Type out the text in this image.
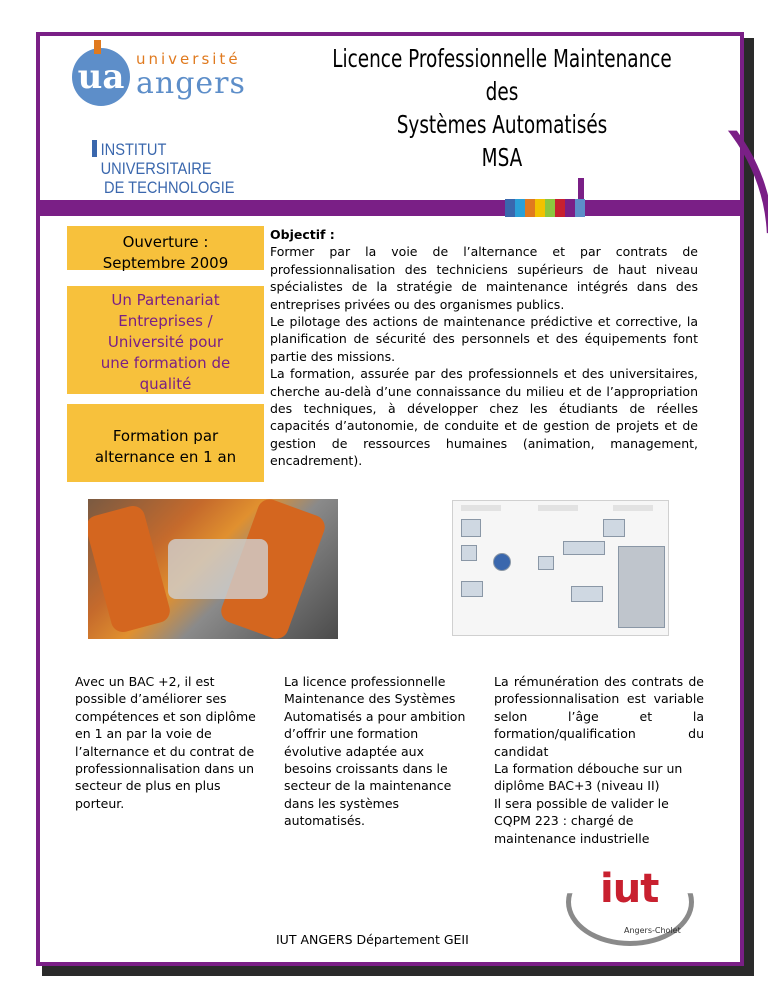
ua université
angers
INSTITUT UNIVERSITAIRE
DE TECHNOLOGIE
Licence Professionnelle Maintenance des
Systèmes Automatisés
MSA
Ouverture :
Septembre 2009
Un Partenariat
Entreprises /
Université pour
une formation de
qualité
Formation par
alternance en 1 an
Objectif :
Former par la voie de l’alternance et par contrats de professionnalisation des techniciens supérieurs de haut niveau spécialistes de la stratégie de maintenance intégrés dans des entreprises privées ou des organismes publics.
Le pilotage des actions de maintenance prédictive et corrective, la planification de sécurité des personnels et des équipements font partie des missions.
La formation, assurée par des professionnels et des universitaires, cherche au-delà d’une connaissance du milieu et de l’appropriation des techniques, à développer chez les étudiants de réelles capacités d’autonomie, de conduite et de gestion de projets et de gestion de ressources humaines (animation, management, encadrement).
Avec un BAC +2, il est possible d’améliorer ses compétences et son diplôme en 1 an par la voie de l’alternance et du contrat de professionnalisation dans un secteur de plus en plus porteur.
La licence professionnelle Maintenance des Systèmes Automatisés a pour ambition d’offrir une formation évolutive adaptée aux besoins croissants dans le secteur de la maintenance dans les systèmes automatisés.

La rémunération des contrats de professionnalisation est variable selon l’âge et la formation/qualification du candidat

La formation débouche sur un diplôme BAC+3 (niveau II)

Il sera possible de valider le CQPM 223 : chargé de maintenance industrielle

IUT ANGERS Département GEII
iut
Angers-Cholet
